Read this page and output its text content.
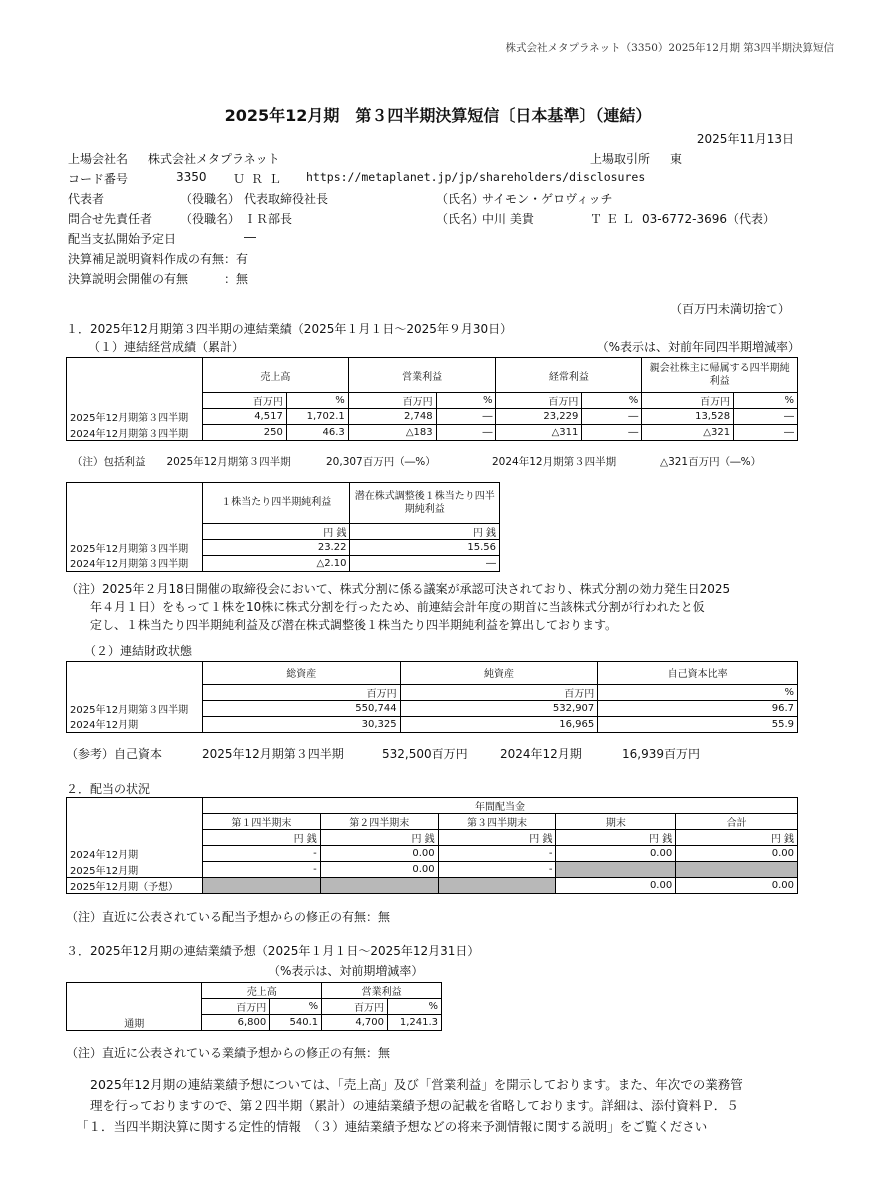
株式会社メタプラネット（3350）2025年12月期 第3四半期決算短信
2025年12月期　第３四半期決算短信〔日本基準〕（連結）
2025年11月13日
上場会社名 株式会社メタプラネット	上場取引所 東
コード番号	3350 ＵＲＬ https://metaplanet.jp/jp/shareholders/disclosures
代表者	（役職名） 代表取締役社長	（氏名）
サイモン・ゲロヴィッチ
問合せ先責任者 （役職名） ＩＲ部長	（氏名）
中川 美貴	ＴＥＬ 03-6772-3696（代表）
配当支払開始予定日	―
決算補足説明資料作成の有無：有
決算説明会開催の有無　　　：無
（百万円未満切捨て）
１．2025年12月期第３四半期の連結業績（2025年１月１日～2025年９月30日）
（１）連結経営成績（累計）	（%表示は、対前年同四半期増減率）
	売上高		営業利益		経常利益		親会社株主に帰属する四半期純利益	
	百万円	%	百万円	%	百万円	%	百万円	%
2025年12月期第３四半期	4,517	1,702.1	2,748	―	23,229	―	13,528	―
2024年12月期第３四半期	250	46.3	△183	―	△311	―	△321	―
（注）包括利益　　2025年12月期第３四半期	20,307百万円（―%）	2024年12月期第３四半期	△321百万円（―%）
	１株当たり四半期純利益	潜在株式調整後１株当たり四半期純利益
	円 銭	円 銭
2025年12月期第３四半期	23.22	15.56
2024年12月期第３四半期	△2.10	―
（注）2025年２月18日開催の取締役会において、株式分割に係る議案が承認可決されており、株式分割の効力発生日2025
年４月１日）をもって１株を10株に株式分割を行ったため、前連結会計年度の期首に当該株式分割が行われたと仮
定し、１株当たり四半期純利益及び潜在株式調整後１株当たり四半期純利益を算出しております。
（２）連結財政状態
	総資産	純資産	自己資本比率
	百万円	百万円	%
2025年12月期第３四半期	550,744	532,907	96.7
2024年12月期	30,325	16,965	55.9
（参考）自己資本	2025年12月期第３四半期	532,500百万円	2024年12月期	16,939百万円
２．配当の状況
	年間配当金				
	第１四半期末	第２四半期末	第３四半期末	期末	合計
	円 銭	円 銭	円 銭	円 銭	円 銭
2024年12月期	-	0.00	-	0.00	0.00
2025年12月期	-	0.00	-		
2025年12月期（予想）				0.00	0.00
（注）直近に公表されている配当予想からの修正の有無：無
３．2025年12月期の連結業績予想（2025年１月１日～2025年12月31日）
（%表示は、対前期増減率）
	売上高		営業利益	
	百万円	%	百万円	%
通期	6,800	540.1	4,700	1,241.3
（注）直近に公表されている業績予想からの修正の有無：無
2025年12月期の連結業績予想については、「売上高」及び「営業利益」を開示しております。また、年次での業務管
理を行っておりますので、第２四半期（累計）の連結業績予想の記載を省略しております。詳細は、添付資料Ｐ．５
「１．当四半期決算に関する定性的情報　（３）連結業績予想などの将来予測情報に関する説明」をご覧ください
